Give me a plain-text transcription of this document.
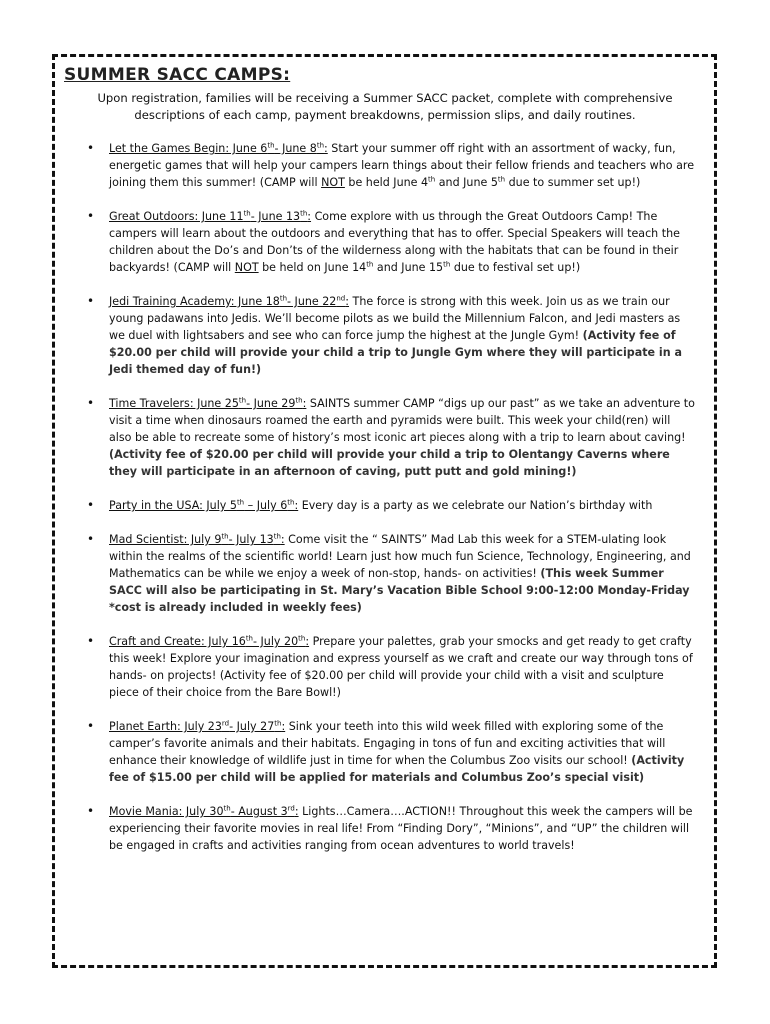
SUMMER SACC CAMPS:

Upon registration, families will be receiving a Summer SACC packet, complete with comprehensive descriptions of each camp, payment breakdowns, permission slips, and daily routines.

• Let the Games Begin: June 6th- June 8th: Start your summer off right with an assortment of wacky, fun, energetic games that will help your campers learn things about their fellow friends and teachers who are joining them this summer! (CAMP will NOT be held June 4th and June 5th due to summer set up!)
• Great Outdoors: June 11th- June 13th: Come explore with us through the Great Outdoors Camp! The campers will learn about the outdoors and everything that has to offer. Special Speakers will teach the children about the Do’s and Don’ts of the wilderness along with the habitats that can be found in their backyards! (CAMP will NOT be held on June 14th and June 15th due to festival set up!)
• Jedi Training Academy: June 18th- June 22nd: The force is strong with this week. Join us as we train our young padawans into Jedis. We’ll become pilots as we build the Millennium Falcon, and Jedi masters as we duel with lightsabers and see who can force jump the highest at the Jungle Gym! (Activity fee of $20.00 per child will provide your child a trip to Jungle Gym where they will participate in a Jedi themed day of fun!)
• Time Travelers: June 25th- June 29th: SAINTS summer CAMP “digs up our past” as we take an adventure to visit a time when dinosaurs roamed the earth and pyramids were built. This week your child(ren) will also be able to recreate some of history’s most iconic art pieces along with a trip to learn about caving! (Activity fee of $20.00 per child will provide your child a trip to Olentangy Caverns where they will participate in an afternoon of caving, putt putt and gold mining!)
• Party in the USA: July 5th – July 6th: Every day is a party as we celebrate our Nation’s birthday with
• Mad Scientist: July 9th- July 13th: Come visit the “ SAINTS” Mad Lab this week for a STEM-ulating look within the realms of the scientific world! Learn just how much fun Science, Technology, Engineering, and Mathematics can be while we enjoy a week of non-stop, hands- on activities! (This week Summer SACC will also be participating in St. Mary’s Vacation Bible School 9:00-12:00 Monday-Friday *cost is already included in weekly fees)
• Craft and Create: July 16th- July 20th: Prepare your palettes, grab your smocks and get ready to get crafty this week! Explore your imagination and express yourself as we craft and create our way through tons of hands- on projects! (Activity fee of $20.00 per child will provide your child with a visit and sculpture piece of their choice from the Bare Bowl!)
• Planet Earth: July 23rd- July 27th: Sink your teeth into this wild week filled with exploring some of the camper’s favorite animals and their habitats. Engaging in tons of fun and exciting activities that will enhance their knowledge of wildlife just in time for when the Columbus Zoo visits our school! (Activity fee of $15.00 per child will be applied for materials and Columbus Zoo’s special visit)
• Movie Mania: July 30th- August 3rd: Lights…Camera….ACTION!! Throughout this week the campers will be experiencing their favorite movies in real life! From “Finding Dory”, “Minions”, and “UP” the children will be engaged in crafts and activities ranging from ocean adventures to world travels!
